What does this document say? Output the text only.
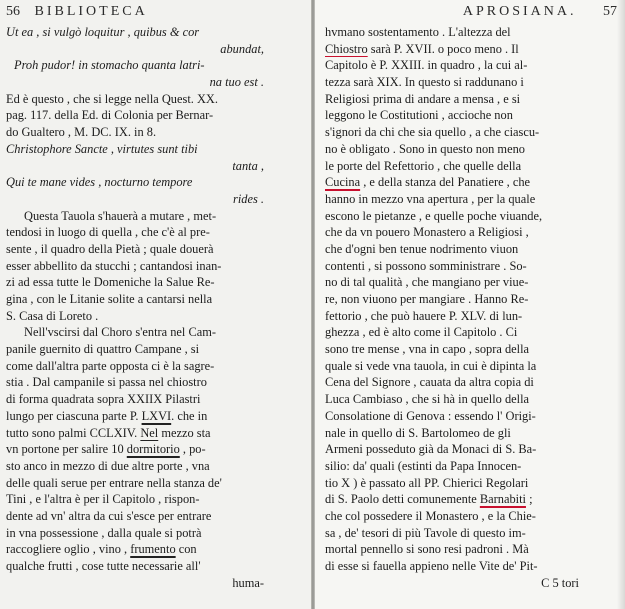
56 BIBLIOTECA
Ut ea , si vulgò loquitur , quibus & cor
abundat,
Proh pudor! in stomacho quanta latri-
na tuo est .
Ed è questo , che si legge nella Quest. XX.
pag. 117. della Ed. di Colonia per Bernar-
do Gualtero , M. DC. IX. in 8.
Christophore Sancte , virtutes sunt tibi
tanta ,
Qui te mane vides , nocturno tempore
rides .
Questa Tauola s'hauerà a mutare , met-
tendosi in luogo di quella , che c'è al pre-
sente , il quadro della Pietà ; quale douerà
esser abbellito da stucchi ; cantandosi inan-
zi ad essa tutte le Domeniche la Salue Re-
gina , con le Litanie solite a cantarsi nella
S. Casa di Loreto .
Nell'vscirsi dal Choro s'entra nel Cam-
panile guernito di quattro Campane , si
come dall'altra parte opposta ci è la sagre-
stia . Dal campanile si passa nel chiostro
di forma quadrata sopra XXIIX Pilastri
lungo per ciascuna parte P. LXVI. che in
tutto sono palmi CCLXIV. Nel mezzo sta
vn portone per salire 10 dormitorio , po-
sto anco in mezzo di due altre porte , vna
delle quali serue per entrare nella stanza de'
Tini , e l'altra è per il Capitolo , rispon-
dente ad vn' altra da cui s'esce per entrare
in vna possessione , dalla quale si potrà
raccogliere oglio , vino , frumento con
qualche frutti , cose tutte necessarie all'
huma-
APROSIANA. 57
hvmano sostentamento . L'altezza del
Chiostro sarà P. XVII. o poco meno . Il
Capitolo è P. XXIII. in quadro , la cui al-
tezza sarà XIX. In questo si raddunano i
Religiosi prima di andare a mensa , e si
leggono le Costitutioni , accioche non
s'ignori da chi che sia quello , a che ciascu-
no è obligato . Sono in questo non meno
le porte del Refettorio , che quelle della
Cucina , e della stanza del Panatiere , che
hanno in mezzo vna apertura , per la quale
escono le pietanze , e quelle poche viuande,
che da vn pouero Monastero a Religiosi ,
che d'ogni ben tenue nodrimento viuon
contenti , si possono somministrare . So-
no di tal qualità , che mangiano per viue-
re, non viuono per mangiare . Hanno Re-
fettorio , che può hauere P. XLV. di lun-
ghezza , ed è alto come il Capitolo . Ci
sono tre mense , vna in capo , sopra della
quale si vede vna tauola, in cui è dipinta la
Cena del Signore , cauata da altra copia di
Luca Cambiaso , che si hà in quello della
Consolatione di Genova : essendo l' Origi-
nale in quello di S. Bartolomeo de gli
Armeni posseduto già da Monaci di S. Ba-
silio: da' quali (estinti da Papa Innocen-
tio X ) è passato all PP. Chierici Regolari
di S. Paolo detti comunemente Barnabiti ;
che col possedere il Monastero , e la Chie-
sa , de' tesori di più Tavole di questo im-
mortal pennello si sono resi padroni . Mà
di esse si fauella appieno nelle Vite de' Pit-
C 5 tori
